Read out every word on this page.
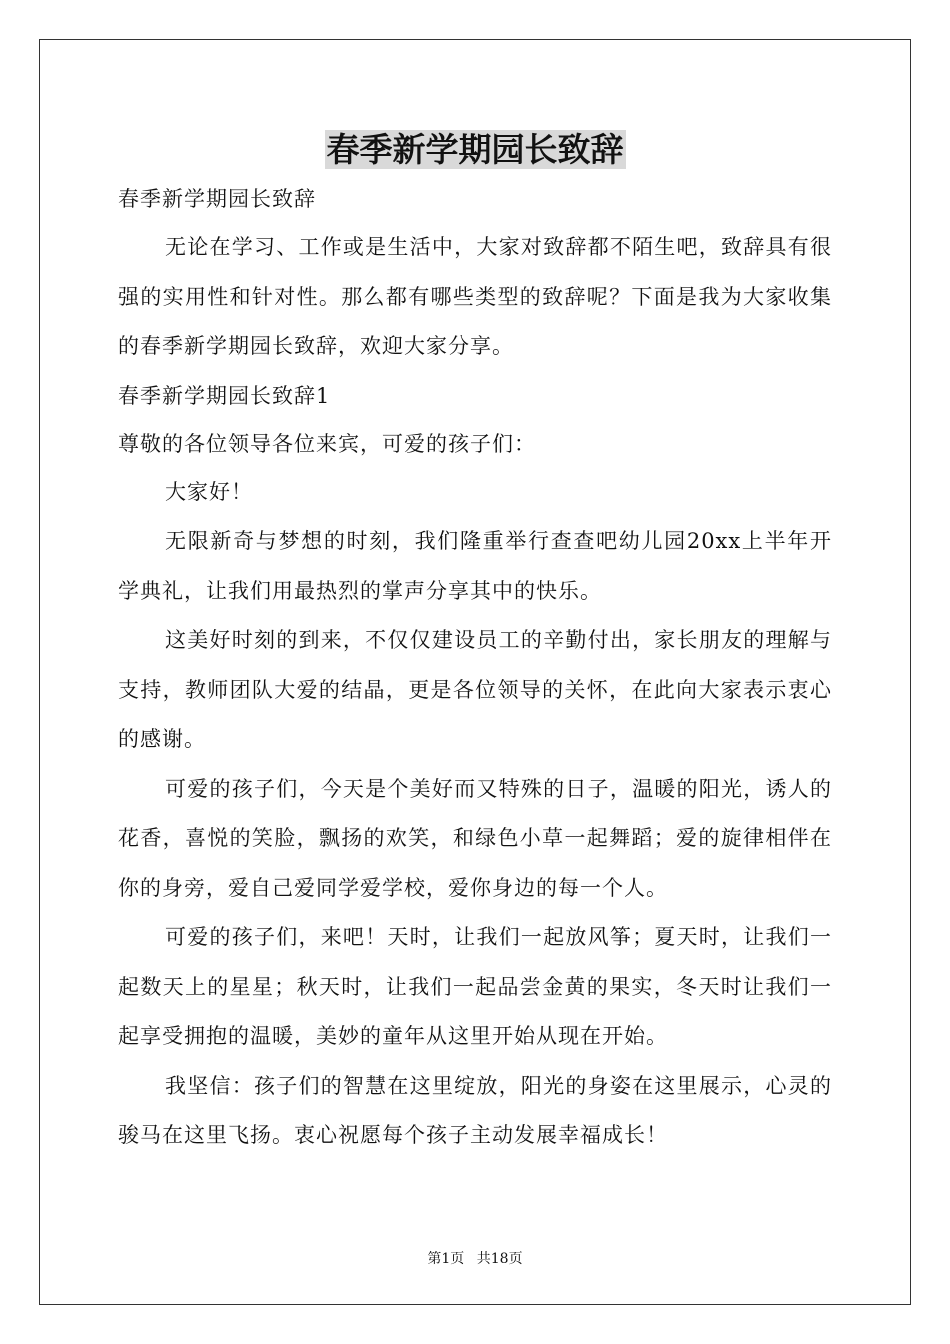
春季新学期园长致辞

春季新学期园长致辞

无论在学习、工作或是生活中，大家对致辞都不陌生吧，致辞具有很强的实用性和针对性。那么都有哪些类型的致辞呢？下面是我为大家收集的春季新学期园长致辞，欢迎大家分享。

春季新学期园长致辞1

尊敬的各位领导各位来宾，可爱的孩子们：

大家好！

无限新奇与梦想的时刻，我们隆重举行查查吧幼儿园20xx上半年开学典礼，让我们用最热烈的掌声分享其中的快乐。

这美好时刻的到来，不仅仅建设员工的辛勤付出，家长朋友的理解与支持，教师团队大爱的结晶，更是各位领导的关怀，在此向大家表示衷心的感谢。

可爱的孩子们，今天是个美好而又特殊的日子，温暖的阳光，诱人的花香，喜悦的笑脸，飘扬的欢笑，和绿色小草一起舞蹈；爱的旋律相伴在你的身旁，爱自己爱同学爱学校，爱你身边的每一个人。

可爱的孩子们，来吧！天时，让我们一起放风筝；夏天时，让我们一起数天上的星星；秋天时，让我们一起品尝金黄的果实，冬天时让我们一起享受拥抱的温暖，美妙的童年从这里开始从现在开始。

我坚信：孩子们的智慧在这里绽放，阳光的身姿在这里展示，心灵的骏马在这里飞扬。衷心祝愿每个孩子主动发展幸福成长！

第1页 共18页
